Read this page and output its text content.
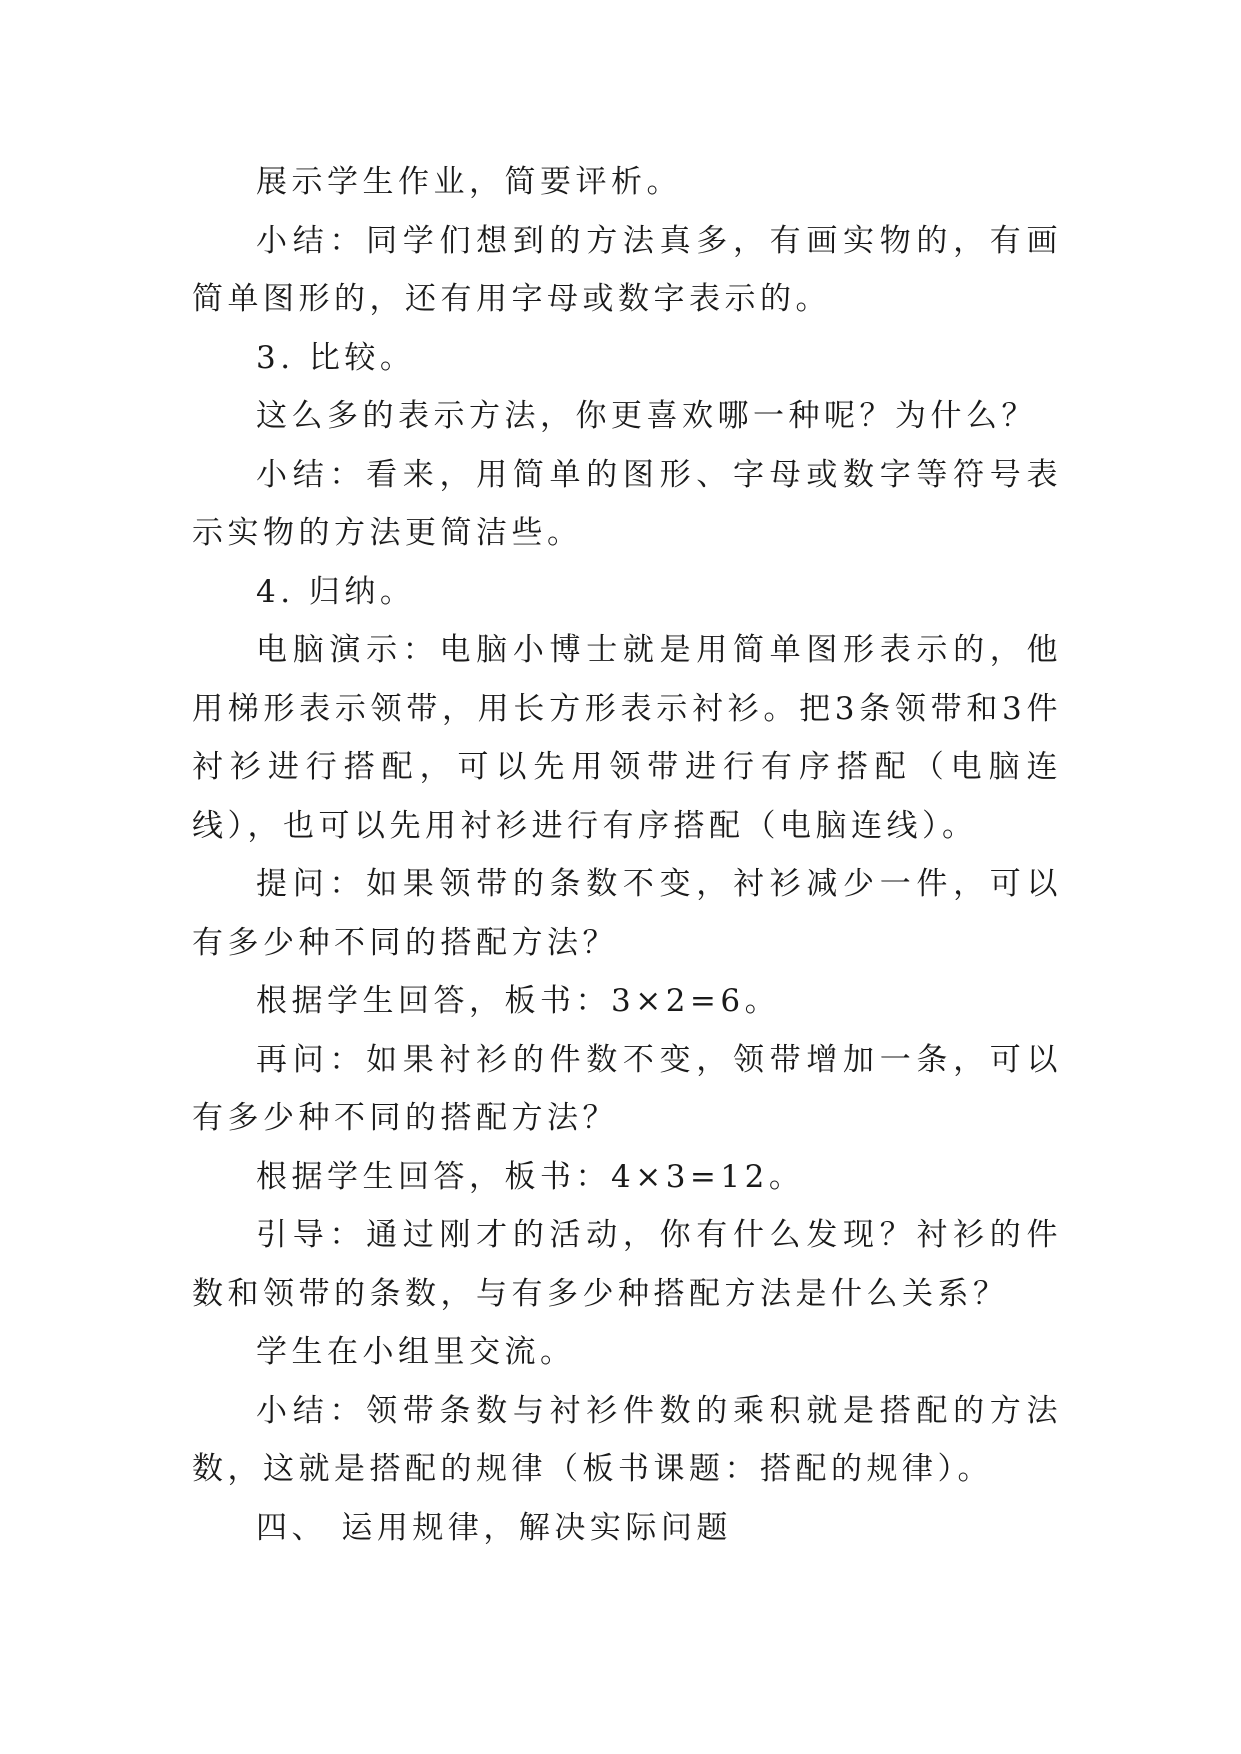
展示学生作业，简要评析。

小结：同学们想到的方法真多，有画实物的，有画简单图形的，还有用字母或数字表示的。

3. 比较。

这么多的表示方法，你更喜欢哪一种呢？为什么？

小结：看来，用简单的图形、字母或数字等符号表示实物的方法更简洁些。

4. 归纳。

电脑演示：电脑小博士就是用简单图形表示的，他用梯形表示领带，用长方形表示衬衫。把3条领带和3件衬衫进行搭配，可以先用领带进行有序搭配（电脑连线），也可以先用衬衫进行有序搭配（电脑连线）。

提问：如果领带的条数不变，衬衫减少一件，可以有多少种不同的搭配方法？

根据学生回答，板书：3×2=6。

再问：如果衬衫的件数不变，领带增加一条，可以有多少种不同的搭配方法？

根据学生回答，板书：4×3=12。

引导：通过刚才的活动，你有什么发现？衬衫的件数和领带的条数，与有多少种搭配方法是什么关系？

学生在小组里交流。

小结：领带条数与衬衫件数的乘积就是搭配的方法数，这就是搭配的规律（板书课题：搭配的规律）。

四、 运用规律，解决实际问题
